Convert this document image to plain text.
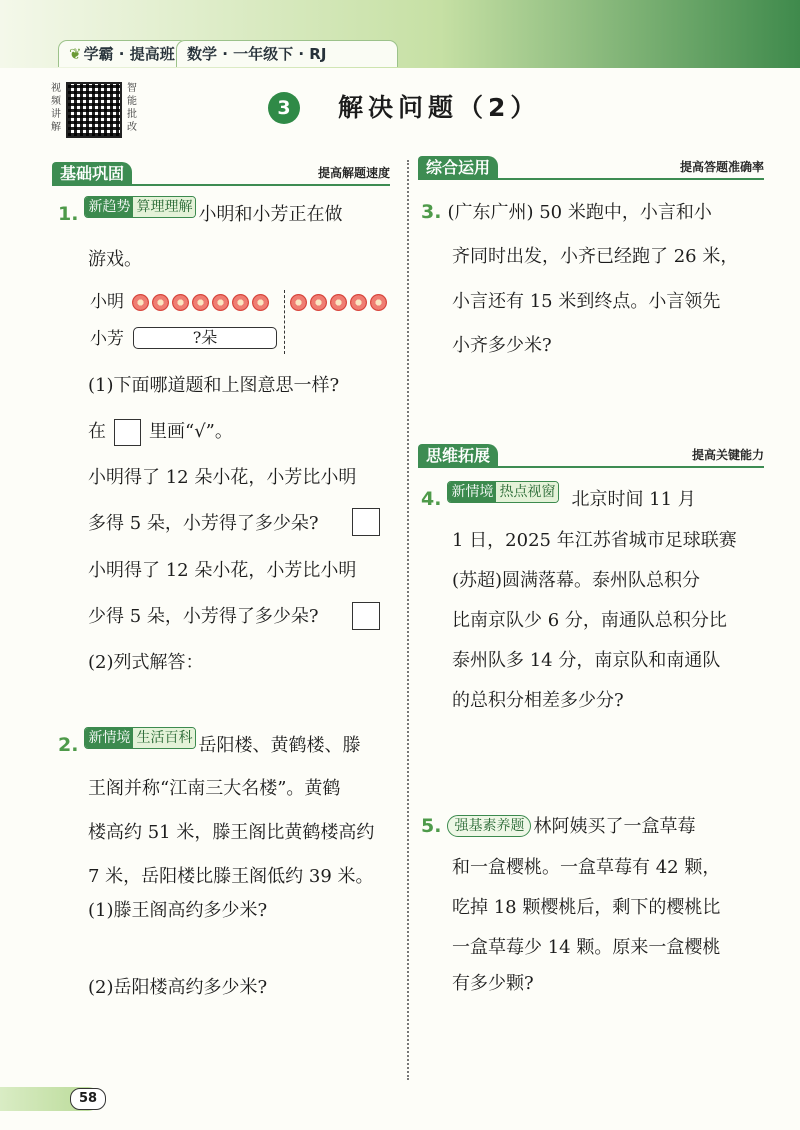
❦ 学霸 · 提高班 数学 · 一年级下 · RJ
视频讲解
智能批改
3	解决问题（2）
基础巩固	提高解题速度
1. 新趋势 算理理解 小明和小芳正在做
游戏。
小明
小芳	?朵
(1)下面哪道题和上图意思一样?
在 里画“√”。
小明得了 12 朵小花，小芳比小明
多得 5 朵，小芳得了多少朵?
小明得了 12 朵小花，小芳比小明
少得 5 朵，小芳得了多少朵?
(2)列式解答：
2. 新情境 生活百科 岳阳楼、黄鹤楼、滕
王阁并称“江南三大名楼”。黄鹤
楼高约 51 米，滕王阁比黄鹤楼高约
7 米，岳阳楼比滕王阁低约 39 米。
(1)滕王阁高约多少米?
(2)岳阳楼高约多少米?
综合运用	提高答题准确率
3. (广东广州) 50 米跑中，小言和小
齐同时出发，小齐已经跑了 26 米，
小言还有 15 米到终点。小言领先
小齐多少米?
思维拓展	提高关键能力
4. 新情境 热点视窗 北京时间 11 月
1 日，2025 年江苏省城市足球联赛
(苏超)圆满落幕。泰州队总积分
比南京队少 6 分，南通队总积分比
泰州队多 14 分，南京队和南通队
的总积分相差多少分?
5. 强基素养题 林阿姨买了一盒草莓
和一盒樱桃。一盒草莓有 42 颗，
吃掉 18 颗樱桃后，剩下的樱桃比
一盒草莓少 14 颗。原来一盒樱桃
有多少颗?
58
